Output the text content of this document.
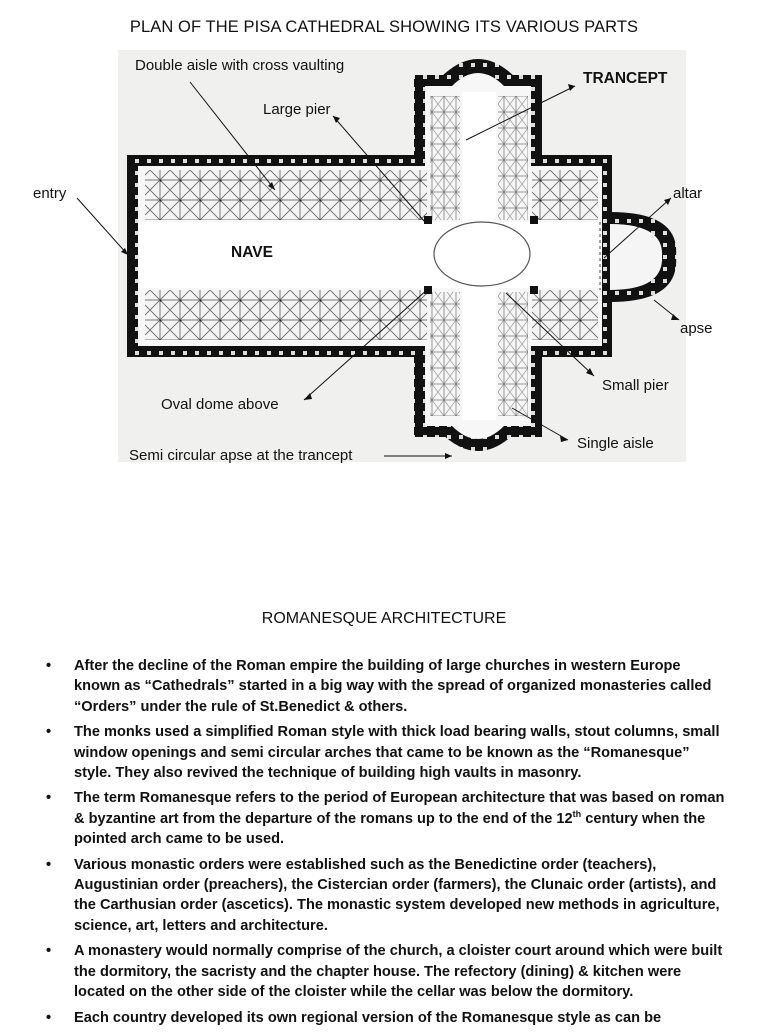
PLAN OF THE PISA CATHEDRAL SHOWING ITS VARIOUS PARTS
Double aisle with cross vaulting
Large pier
TRANCEPT
entry
NAVE
altar
apse
Small pier
Oval dome above
Single aisle
Semi circular apse at the trancept
ROMANESQUE ARCHITECTURE
• After the decline of the Roman empire the building of large churches in western Europe known as “Cathedrals” started in a big way with the spread of organized monasteries called “Orders” under the rule of St.Benedict & others.
• The monks used a simplified Roman style with thick load bearing walls, stout columns, small window openings and semi circular arches that came to be known as the “Romanesque” style. They also revived the technique of building high vaults in masonry.
• The term Romanesque refers to the period of European architecture that was based on roman & byzantine art from the departure of the romans up to the end of the 12th century when the pointed arch came to be used.
• Various monastic orders were established such as the Benedictine order (teachers), Augustinian order (preachers), the Cistercian order (farmers), the Clunaic order (artists), and the Carthusian order (ascetics). The monastic system developed new methods in agriculture, science, art, letters and architecture.
• A monastery would normally comprise of the church, a cloister court around which were built the dormitory, the sacristy and the chapter house. The refectory (dining) & kitchen were located on the other side of the cloister while the cellar was below the dormitory.
• Each country developed its own regional version of the Romanesque style as can be
